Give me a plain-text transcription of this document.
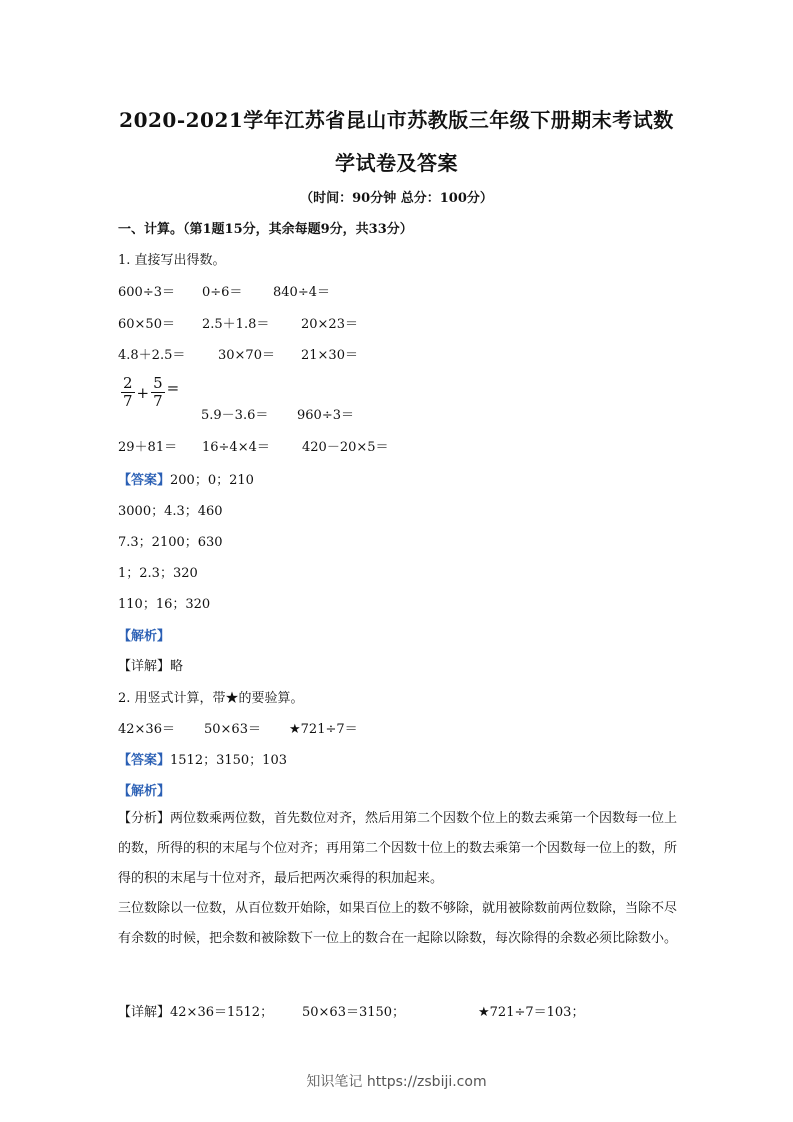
2020-2021学年江苏省昆山市苏教版三年级下册期末考试数
学试卷及答案
（时间：90分钟 总分：100分）
一、计算。（第1题15分，其余每题9分，共33分）
1. 直接写出得数。
600÷3＝ 0÷6＝ 840÷4＝
60×50＝ 2.5＋1.8＝ 20×23＝
4.8＋2.5＝	30×70＝ 21×30＝
$\frac{2}{7} + \frac{5}{7}$ =
5.9－3.6＝ 960÷3＝
29＋81＝ 16÷4×4＝ 420－20×5＝
【答案】200；0；210
3000；4.3；460
7.3；2100；630
1；2.3；320
110；16；320
【解析】
【详解】略
2. 用竖式计算，带★的要验算。
42×36＝ 50×63＝ ★721÷7＝
【答案】1512；3150；103
【解析】
【分析】两位数乘两位数，首先数位对齐，然后用第二个因数个位上的数去乘第一个因数每一位上的数，所得的积的末尾与个位对齐；再用第二个因数十位上的数去乘第一个因数每一位上的数，所得的积的末尾与十位对齐，最后把两次乘得的积加起来。
三位数除以一位数，从百位数开始除，如果百位上的数不够除，就用被除数前两位数除，当除不尽有余数的时候，把余数和被除数下一位上的数合在一起除以除数，每次除得的余数必须比除数小。
【详解】42×36＝1512； 50×63＝3150；	★721÷7＝103；
知识笔记 https://zsbiji.com
